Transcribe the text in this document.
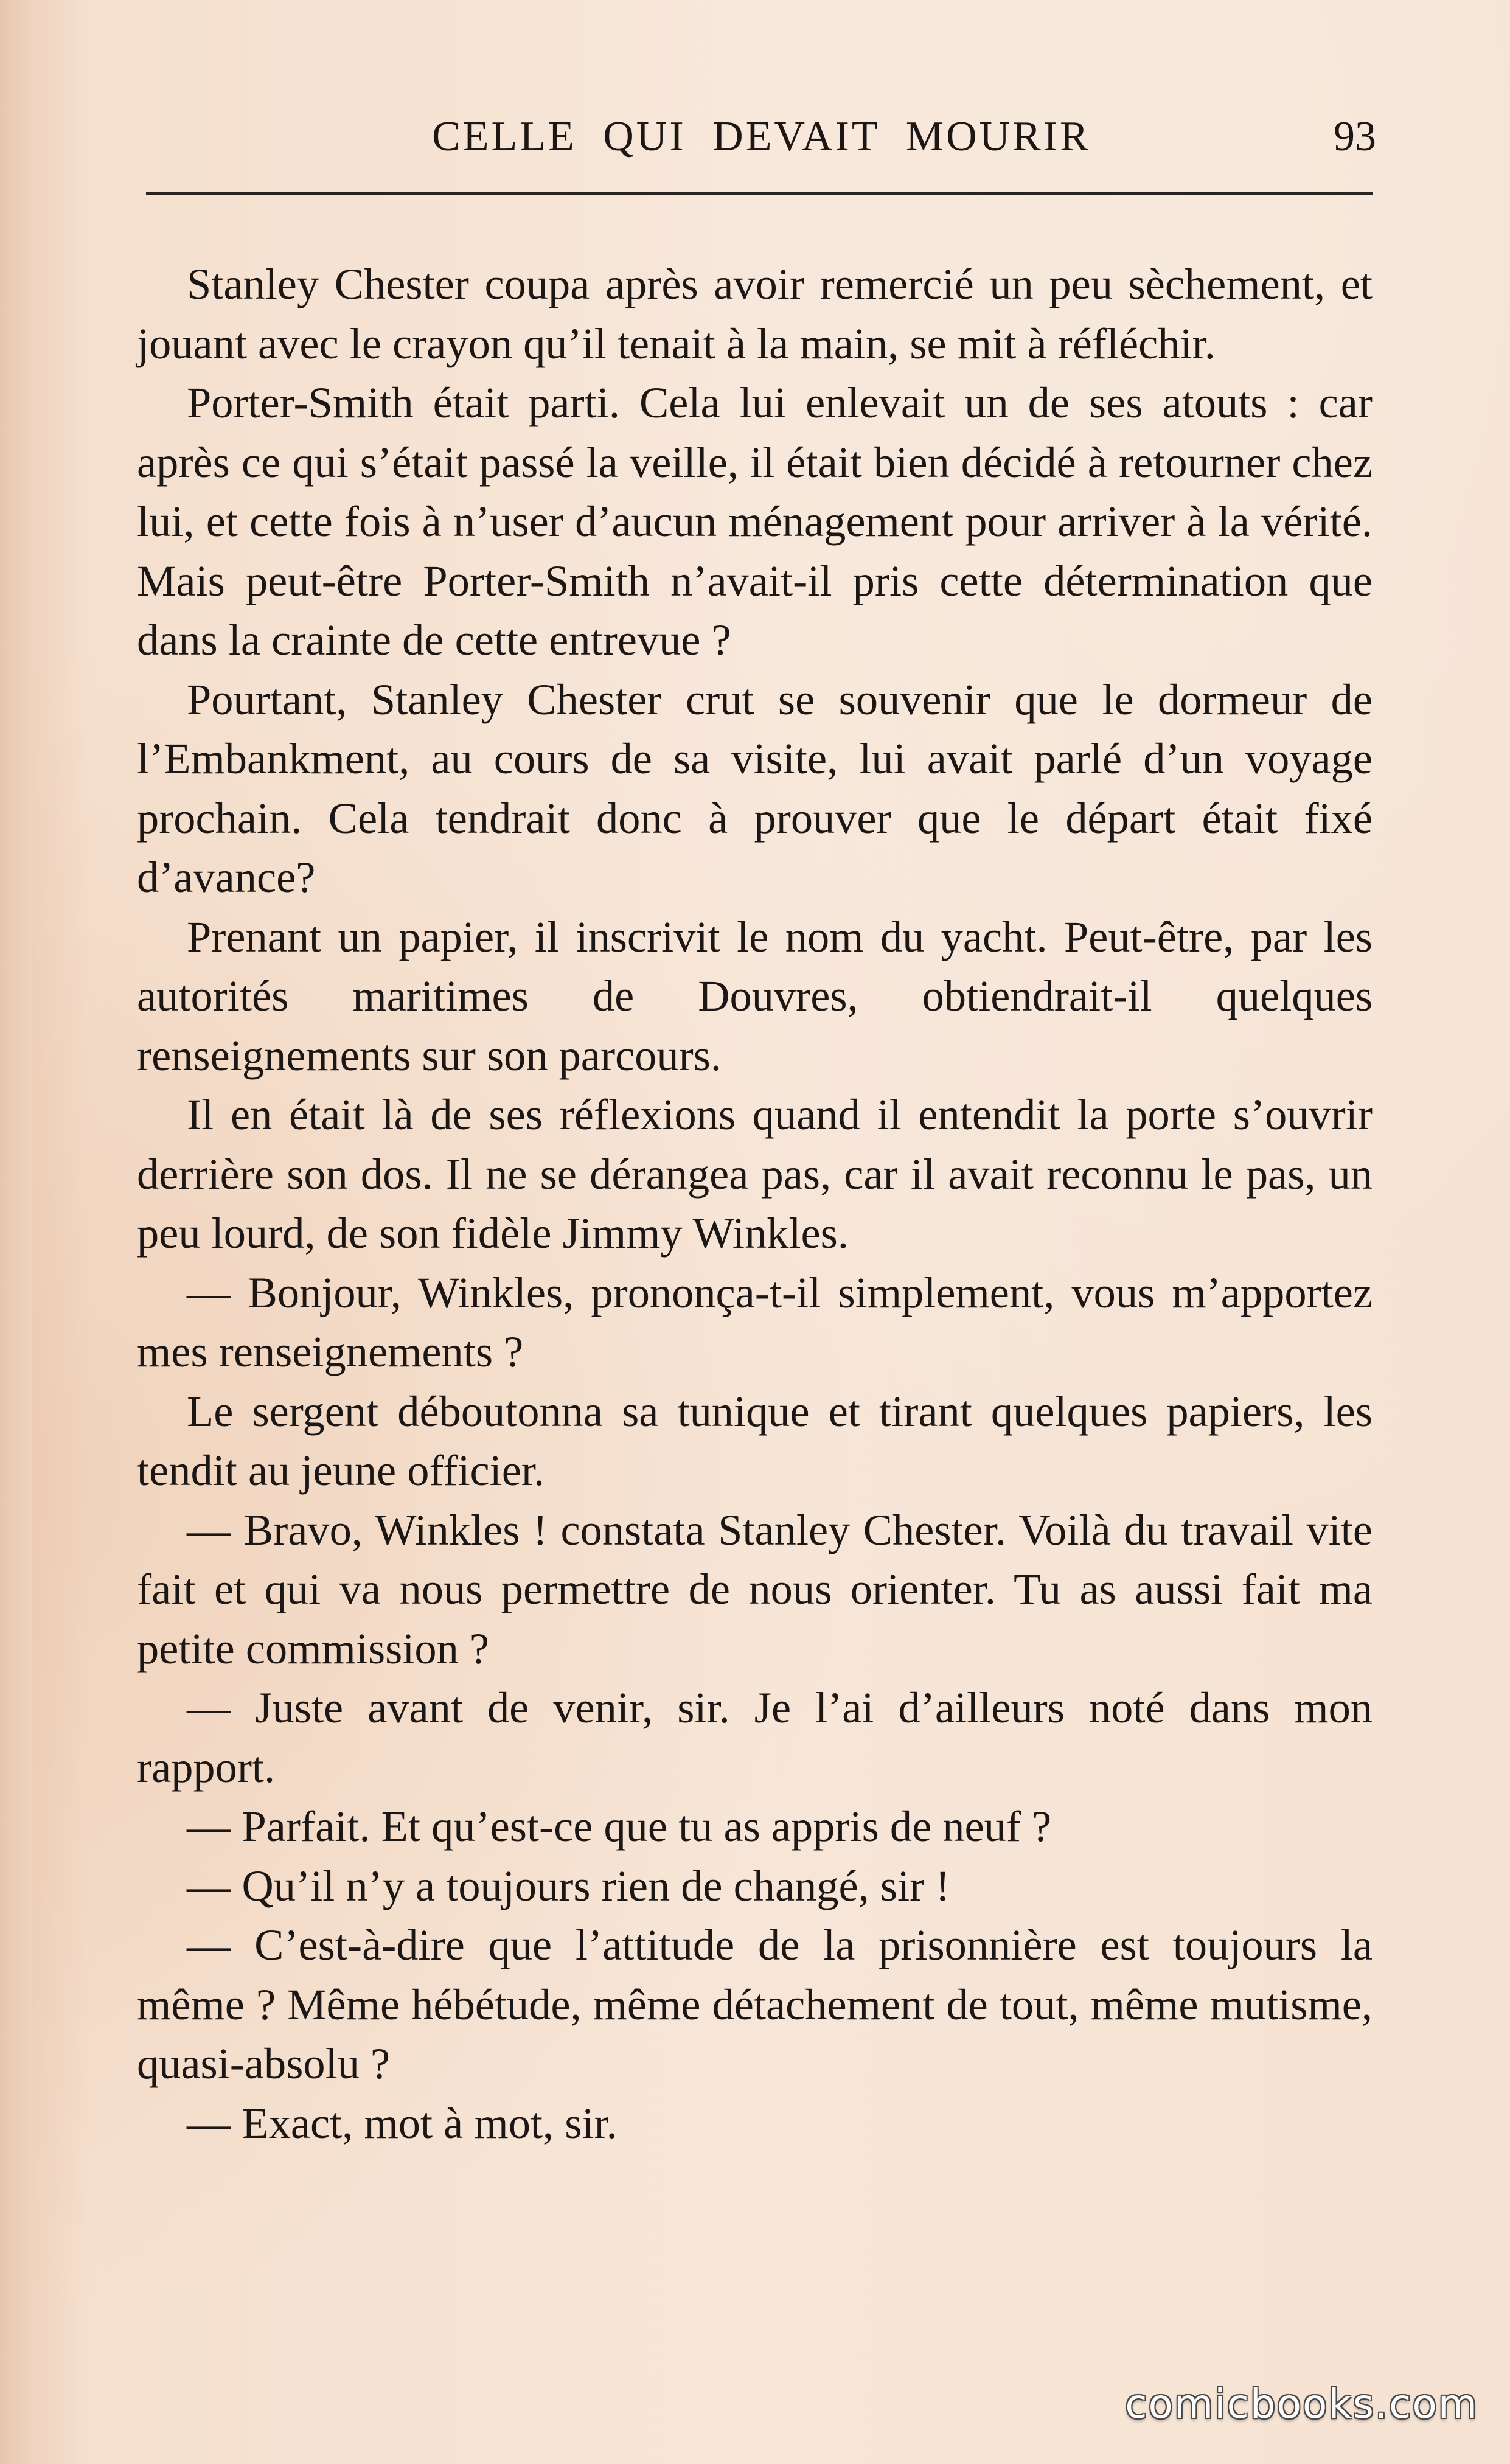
CELLE QUI DEVAIT MOURIR	93

Stanley Chester coupa après avoir remercié un peu sèchement, et jouant avec le crayon qu’il tenait à la main, se mit à réfléchir.

Porter-Smith était parti. Cela lui enlevait un de ses atouts : car après ce qui s’était passé la veille, il était bien décidé à retourner chez lui, et cette fois à n’user d’aucun ménagement pour arriver à la vérité. Mais peut-être Porter-Smith n’avait-il pris cette détermination que dans la crainte de cette entrevue ?

Pourtant, Stanley Chester crut se souvenir que le dormeur de l’Embankment, au cours de sa visite, lui avait parlé d’un voyage prochain. Cela tendrait donc à prouver que le départ était fixé d’avance?

Prenant un papier, il inscrivit le nom du yacht. Peut-être, par les autorités maritimes de Douvres, obtiendrait-il quelques renseignements sur son parcours.

Il en était là de ses réflexions quand il entendit la porte s’ouvrir derrière son dos. Il ne se dérangea pas, car il avait reconnu le pas, un peu lourd, de son fidèle Jimmy Winkles.

— Bonjour, Winkles, prononça-t-il simplement, vous m’apportez mes renseignements ?

Le sergent déboutonna sa tunique et tirant quelques papiers, les tendit au jeune officier.

— Bravo, Winkles ! constata Stanley Chester. Voilà du travail vite fait et qui va nous permettre de nous orienter. Tu as aussi fait ma petite commission ?

— Juste avant de venir, sir. Je l’ai d’ailleurs noté dans mon rapport.

— Parfait. Et qu’est-ce que tu as appris de neuf ?

— Qu’il n’y a toujours rien de changé, sir !

— C’est-à-dire que l’attitude de la prisonnière est toujours la même ? Même hébétude, même détachement de tout, même mutisme, quasi-absolu ?

— Exact, mot à mot, sir.

comicbooks.com
